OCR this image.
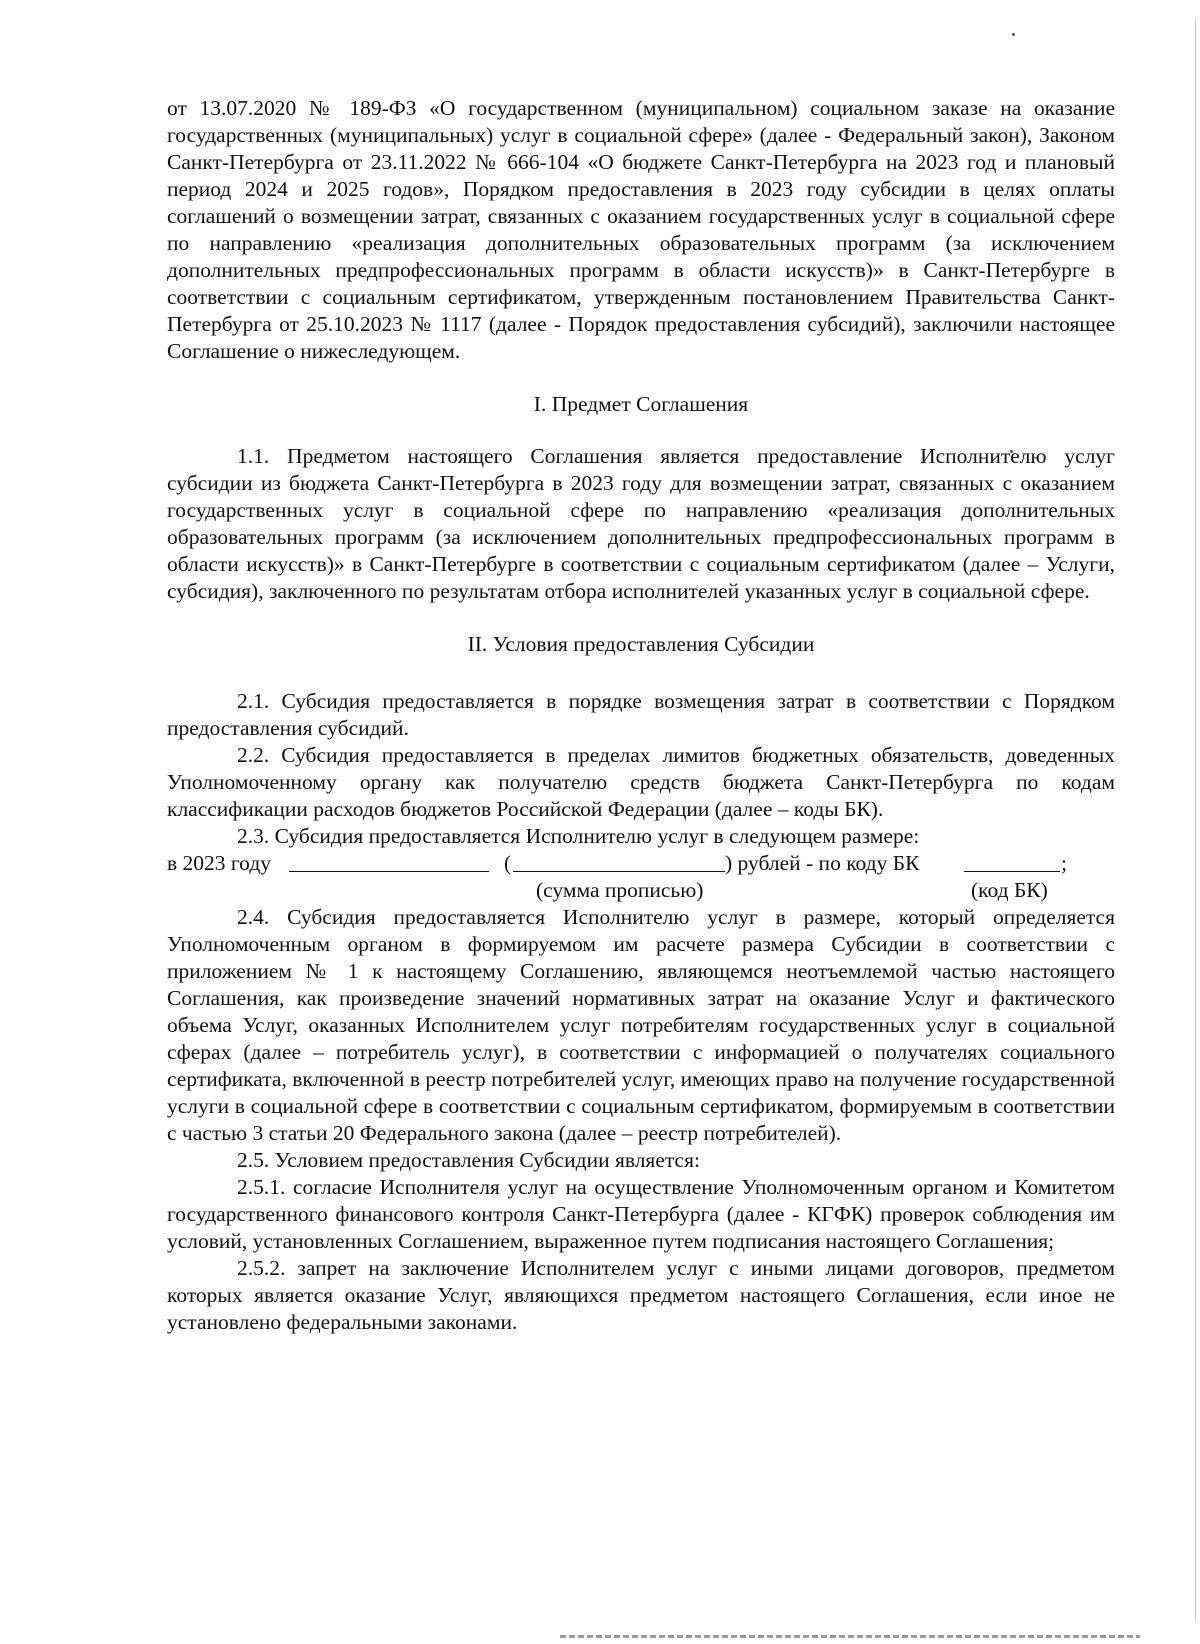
от 13.07.2020 № 189-ФЗ «О государственном (муниципальном) социальном заказе на оказание государственных (муниципальных) услуг в социальной сфере» (далее - Федеральный закон), Законом Санкт-Петербурга от 23.11.2022 № 666-104 «О бюджете Санкт-Петербурга на 2023 год и плановый период 2024 и 2025 годов», Порядком предоставления в 2023 году субсидии в целях оплаты соглашений о возмещении затрат, связанных с оказанием государственных услуг в социальной сфере по направлению «реализация дополнительных образовательных программ (за исключением дополнительных предпрофессиональных программ в области искусств)» в Санкт-Петербурге в соответствии с социальным сертификатом, утвержденным постановлением Правительства Санкт-Петербурга от 25.10.2023 № 1117 (далее - Порядок предоставления субсидий), заключили настоящее Соглашение о нижеследующем.

I. Предмет Соглашения

1.1. Предметом настоящего Соглашения является предоставление Исполнителю услуг субсидии из бюджета Санкт-Петербурга в 2023 году для возмещении затрат, связанных с оказанием государственных услуг в социальной сфере по направлению «реализация дополнительных образовательных программ (за исключением дополнительных предпрофессиональных программ в области искусств)» в Санкт-Петербурге в соответствии с социальным сертификатом (далее – Услуги, субсидия), заключенного по результатам отбора исполнителей указанных услуг в социальной сфере.

II. Условия предоставления Субсидии

2.1. Субсидия предоставляется в порядке возмещения затрат в соответствии с Порядком предоставления субсидий.

2.2. Субсидия предоставляется в пределах лимитов бюджетных обязательств, доведенных Уполномоченному органу как получателю средств бюджета Санкт-Петербурга по кодам классификации расходов бюджетов Российской Федерации (далее – коды БК).

2.3. Субсидия предоставляется Исполнителю услуг в следующем размере:

в 2023 году	(	) рублей - по коду БК	;
(сумма прописью)	(код БК)

2.4. Субсидия предоставляется Исполнителю услуг в размере, который определяется Уполномоченным органом в формируемом им расчете размера Субсидии в соответствии с приложением № 1 к настоящему Соглашению, являющемся неотъемлемой частью настоящего Соглашения, как произведение значений нормативных затрат на оказание Услуг и фактического объема Услуг, оказанных Исполнителем услуг потребителям государственных услуг в социальной сферах (далее – потребитель услуг), в соответствии с информацией о получателях социального сертификата, включенной в реестр потребителей услуг, имеющих право на получение государственной услуги в социальной сфере в соответствии с социальным сертификатом, формируемым в соответствии с частью 3 статьи 20 Федерального закона (далее – реестр потребителей).

2.5. Условием предоставления Субсидии является:

2.5.1. согласие Исполнителя услуг на осуществление Уполномоченным органом и Комитетом государственного финансового контроля Санкт-Петербурга (далее - КГФК) проверок соблюдения им условий, установленных Соглашением, выраженное путем подписания настоящего Соглашения;

2.5.2. запрет на заключение Исполнителем услуг с иными лицами договоров, предметом которых является оказание Услуг, являющихся предметом настоящего Соглашения, если иное не установлено федеральными законами.
